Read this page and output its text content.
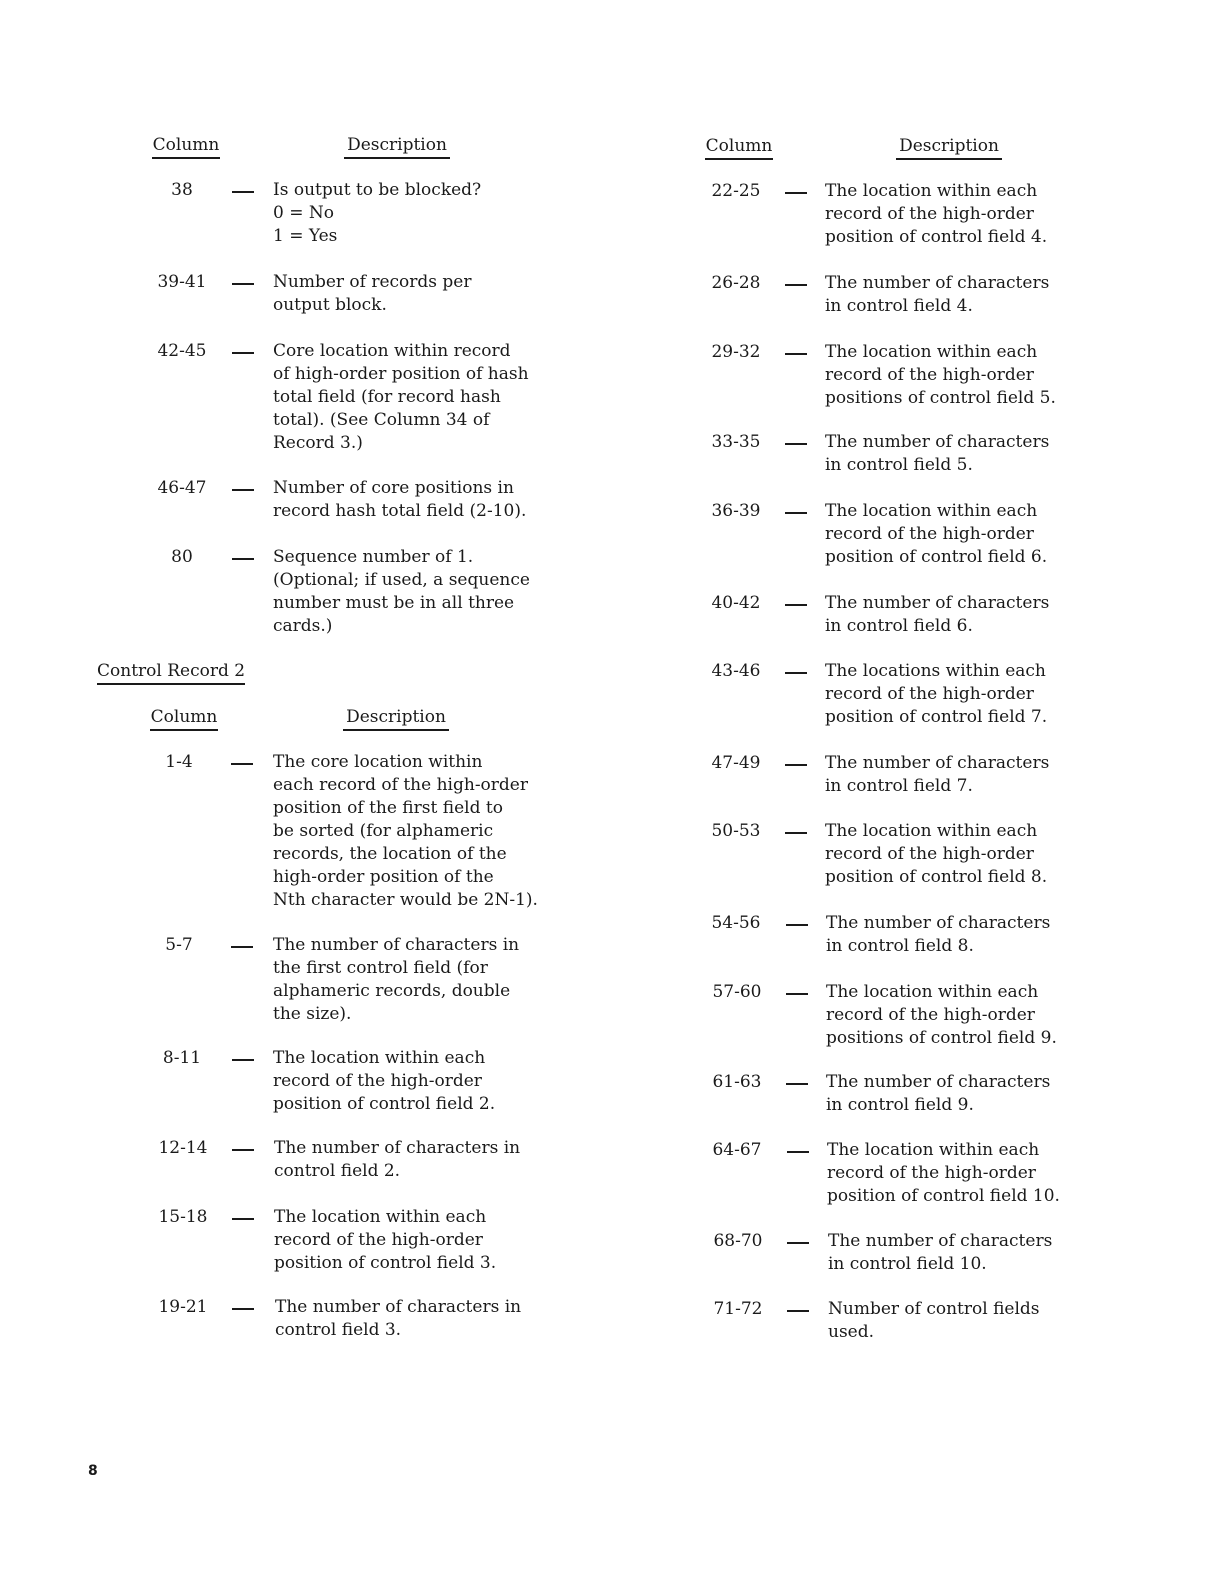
Column	Description
38	Is output to be blocked?
0 = No
1 = Yes
39-41	Number of records per
output block.
42-45	Core location within record
of high-order position of hash
total field (for record hash
total). (See Column 34 of
Record 3.)
46-47	Number of core positions in
record hash total field (2-10).
80	Sequence number of 1.
(Optional; if used, a sequence
number must be in all three
cards.)
Control Record 2
Column	Description
1-4	The core location within
each record of the high-order
position of the first field to
be sorted (for alphameric
records, the location of the
high-order position of the
Nth character would be 2N-1).
5-7	The number of characters in
the first control field (for
alphameric records, double
the size).
8-11	The location within each
record of the high-order
position of control field 2.
12-14	The number of characters in
control field 2.
15-18	The location within each
record of the high-order
position of control field 3.
19-21	The number of characters in
control field 3.
Column	Description
22-25	The location within each
record of the high-order
position of control field 4.
26-28	The number of characters
in control field 4.
29-32	The location within each
record of the high-order
positions of control field 5.
33-35	The number of characters
in control field 5.
36-39	The location within each
record of the high-order
position of control field 6.
40-42	The number of characters
in control field 6.
43-46	The locations within each
record of the high-order
position of control field 7.
47-49	The number of characters
in control field 7.
50-53	The location within each
record of the high-order
position of control field 8.
54-56	The number of characters
in control field 8.
57-60	The location within each
record of the high-order
positions of control field 9.
61-63	The number of characters
in control field 9.
64-67	The location within each
record of the high-order
position of control field 10.
68-70	The number of characters
in control field 10.
71-72	Number of control fields
used.
8
